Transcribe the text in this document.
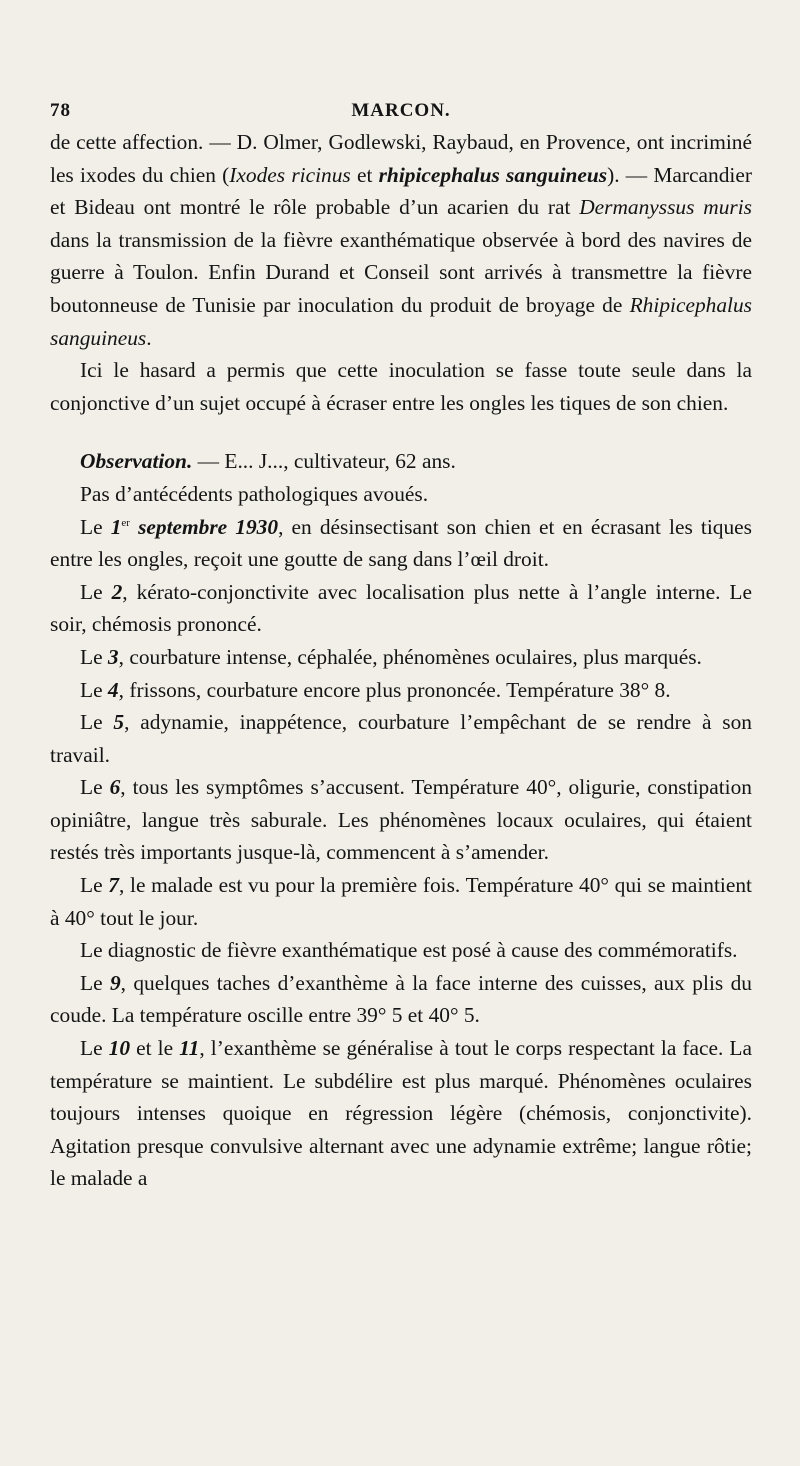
78	MARCON.

de cette affection. — D. Olmer, Godlewski, Raybaud, en Provence, ont incriminé les ixodes du chien (Ixodes ricinus et rhipicephalus sanguineus). — Marcandier et Bideau ont montré le rôle probable d’un acarien du rat Dermanyssus muris dans la transmission de la fièvre exanthématique observée à bord des navires de guerre à Toulon. Enfin Durand et Conseil sont arrivés à transmettre la fièvre boutonneuse de Tunisie par inoculation du produit de broyage de Rhipicephalus sanguineus.

Ici le hasard a permis que cette inoculation se fasse toute seule dans la conjonctive d’un sujet occupé à écraser entre les ongles les tiques de son chien.

Observation. — E... J..., cultivateur, 62 ans.

Pas d’antécédents pathologiques avoués.

Le 1er septembre 1930, en désinsectisant son chien et en écrasant les tiques entre les ongles, reçoit une goutte de sang dans l’œil droit.

Le 2, kérato-conjonctivite avec localisation plus nette à l’angle interne. Le soir, chémosis prononcé.

Le 3, courbature intense, céphalée, phénomènes oculaires, plus marqués.

Le 4, frissons, courbature encore plus prononcée. Température 38° 8.

Le 5, adynamie, inappétence, courbature l’empêchant de se rendre à son travail.

Le 6, tous les symptômes s’accusent. Température 40°, oligurie, constipation opiniâtre, langue très saburale. Les phénomènes locaux oculaires, qui étaient restés très importants jusque-là, commencent à s’amender.

Le 7, le malade est vu pour la première fois. Température 40° qui se maintient à 40° tout le jour.

Le diagnostic de fièvre exanthématique est posé à cause des commémoratifs.

Le 9, quelques taches d’exanthème à la face interne des cuisses, aux plis du coude. La température oscille entre 39° 5 et 40° 5.

Le 10 et le 11, l’exanthème se généralise à tout le corps respectant la face. La température se maintient. Le subdélire est plus marqué. Phénomènes oculaires toujours intenses quoique en régression légère (chémosis, conjonctivite). Agitation presque convulsive alternant avec une adynamie extrême; langue rôtie; le malade a
